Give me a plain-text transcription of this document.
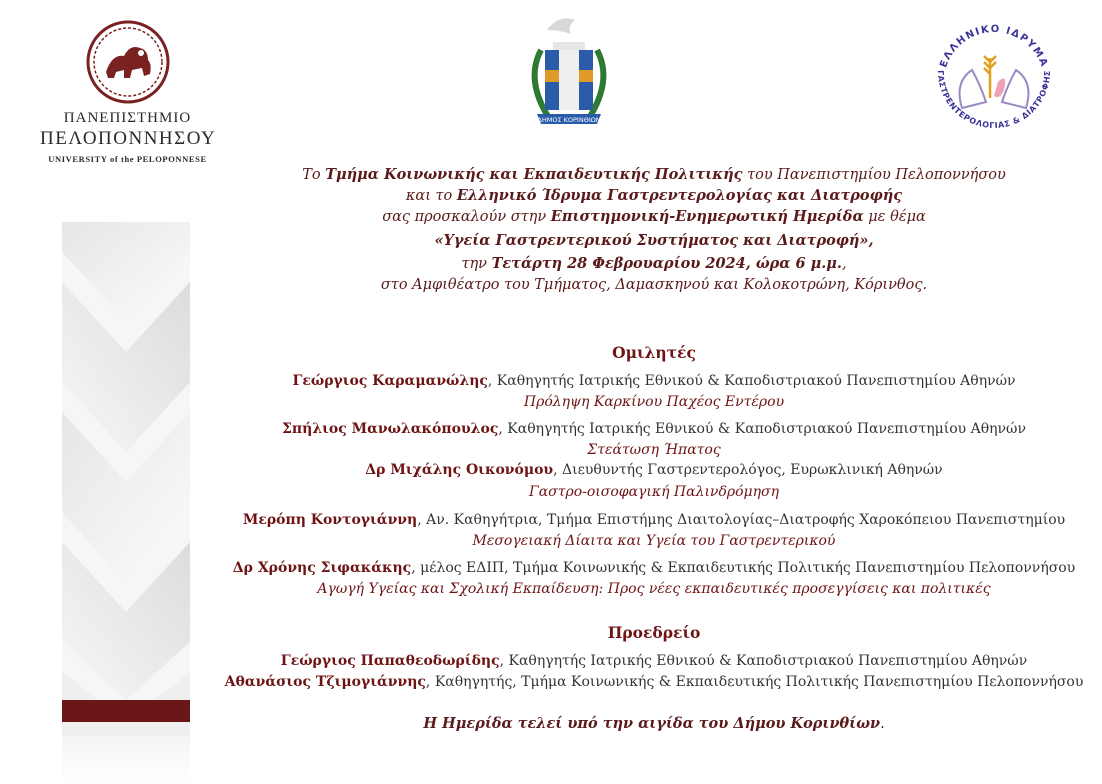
ΠΑΝΕΠΙΣΤΗΜΙΟ
ΠΕΛΟΠΟΝΝΗΣΟΥ
UNIVERSITY of the PELOPONNESE
ΔΗΜΟΣ ΚΟΡΙΝΘΙΩΝ
ΕΛΛΗΝΙΚΟ ΙΔΡΥΜΑ
ΓΑΣΤΡΕΝΤΕΡΟΛΟΓΙΑΣ & ΔΙΑΤΡΟΦΗΣ
Το Τμήμα Κοινωνικής και Εκπαιδευτικής Πολιτικής του Πανεπιστημίου Πελοποννήσου
και το Ελληνικό Ίδρυμα Γαστρεντερολογίας και Διατροφής
σας προσκαλούν στην Επιστημονική-Ενημερωτική Ημερίδα με θέμα
«Υγεία Γαστρεντερικού Συστήματος και Διατροφή»,
την Τετάρτη 28 Φεβρουαρίου 2024, ώρα 6 μ.μ.,
στο Αμφιθέατρο του Τμήματος, Δαμασκηνού και Κολοκοτρώνη, Κόρινθος.
Ομιλητές
Γεώργιος Καραμανώλης, Καθηγητής Ιατρικής Εθνικού & Καποδιστριακού Πανεπιστημίου Αθηνών
Πρόληψη Καρκίνου Παχέος Εντέρου
Σπήλιος Μανωλακόπουλος, Καθηγητής Ιατρικής Εθνικού & Καποδιστριακού Πανεπιστημίου Αθηνών
Στεάτωση Ήπατος
Δρ Μιχάλης Οικονόμου, Διευθυντής Γαστρεντερολόγος, Ευρωκλινική Αθηνών
Γαστρο-οισοφαγική Παλινδρόμηση
Μερόπη Κοντογιάννη, Αν. Καθηγήτρια, Τμήμα Επιστήμης Διαιτολογίας–Διατροφής Χαροκόπειου Πανεπιστημίου
Μεσογειακή Δίαιτα και Υγεία του Γαστρεντερικού
Δρ Χρόνης Σιφακάκης, μέλος ΕΔΙΠ, Τμήμα Κοινωνικής & Εκπαιδευτικής Πολιτικής Πανεπιστημίου Πελοποννήσου
Αγωγή Υγείας και Σχολική Εκπαίδευση: Προς νέες εκπαιδευτικές προσεγγίσεις και πολιτικές
Προεδρείο
Γεώργιος Παπαθεοδωρίδης, Καθηγητής Ιατρικής Εθνικού & Καποδιστριακού Πανεπιστημίου Αθηνών
Αθανάσιος Τζιμογιάννης, Καθηγητής, Τμήμα Κοινωνικής & Εκπαιδευτικής Πολιτικής Πανεπιστημίου Πελοποννήσου
Η Ημερίδα τελεί υπό την αιγίδα του Δήμου Κορινθίων.
